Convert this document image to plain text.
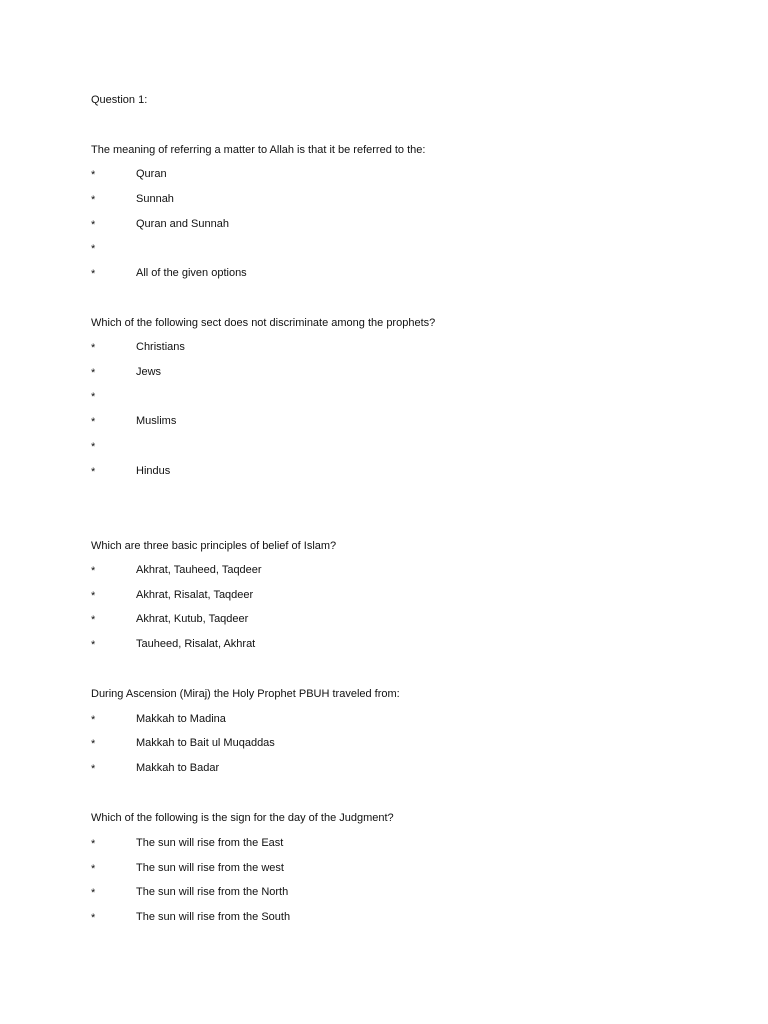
Question 1:
The meaning of referring a matter to Allah is that it be referred to the:
*	Quran
*	Sunnah
*	Quran and Sunnah
*
*	All of the given options
Which of the following sect does not discriminate among the prophets?
*	Christians
*	Jews
*
*	Muslims
*
*	Hindus
Which are three basic principles of belief of Islam?
*	Akhrat, Tauheed, Taqdeer
*	Akhrat, Risalat, Taqdeer
*	Akhrat, Kutub, Taqdeer
*	Tauheed, Risalat, Akhrat
During Ascension (Miraj) the Holy Prophet PBUH traveled from:
*	Makkah to Madina
*	Makkah to Bait ul Muqaddas
*	Makkah to Badar
Which of the following is the sign for the day of the Judgment?
*	The sun will rise from the East
*	The sun will rise from the west
*	The sun will rise from the North
*	The sun will rise from the South
